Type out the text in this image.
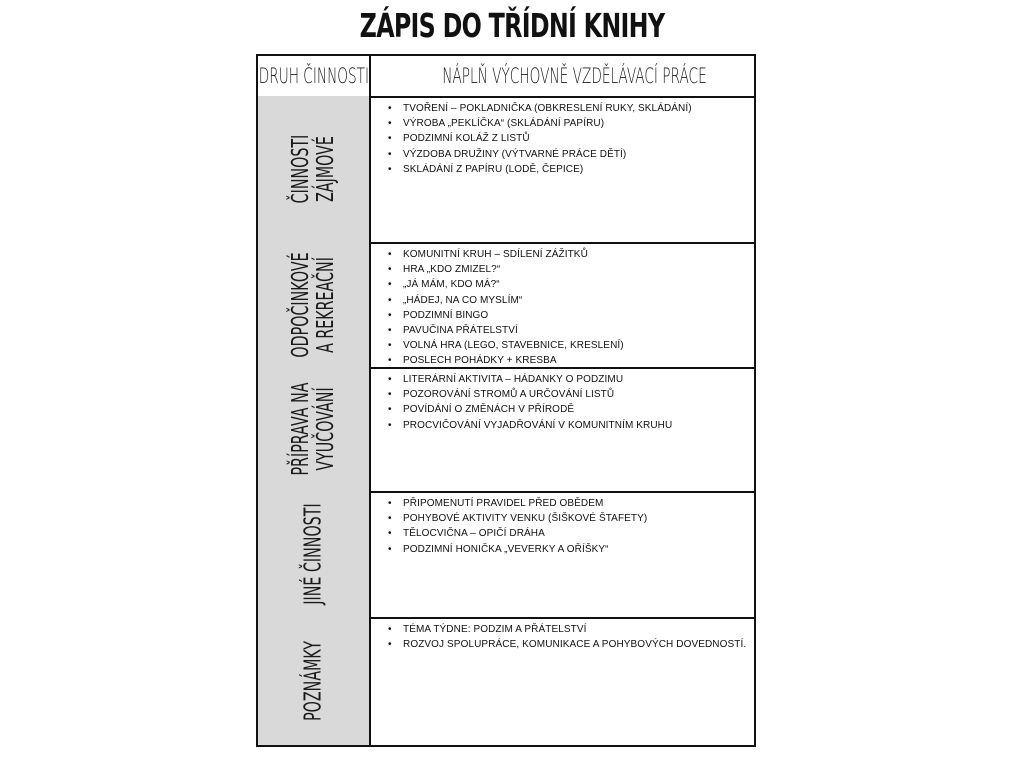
ZÁPIS DO TŘÍDNÍ KNIHY
DRUH ČINNOSTI	NÁPLŇ VÝCHOVNĚ VZDĚLÁVACÍ PRÁCE
ČINNOSTI
ZÁJMOVÉ
• TVOŘENÍ – POKLADNIČKA (OBKRESLENÍ RUKY, SKLÁDÁNÍ)
• VÝROBA „PEKLÍČKA“ (SKLÁDÁNÍ PAPÍRU)
• PODZIMNÍ KOLÁŽ Z LISTŮ
• VÝZDOBA DRUŽINY (VÝTVARNÉ PRÁCE DĚTÍ)
• SKLÁDÁNÍ Z PAPÍRU (LODĚ, ČEPICE)
ODPOČINKOVÉ
A REKREAČNÍ
• KOMUNITNÍ KRUH – SDÍLENÍ ZÁŽITKŮ
• HRA „KDO ZMIZEL?“
• „JÁ MÁM, KDO MÁ?“
• „HÁDEJ, NA CO MYSLÍM“
• PODZIMNÍ BINGO
• PAVUČINA PŘÁTELSTVÍ
• VOLNÁ HRA (LEGO, STAVEBNICE, KRESLENÍ)
• POSLECH POHÁDKY + KRESBA
PŘÍPRAVA NA
VYUČOVÁNÍ
• LITERÁRNÍ AKTIVITA – HÁDANKY O PODZIMU
• POZOROVÁNÍ STROMŮ A URČOVÁNÍ LISTŮ
• POVÍDÁNÍ O ZMĚNÁCH V PŘÍRODĚ
• PROCVIČOVÁNÍ VYJADŘOVÁNÍ V KOMUNITNÍM KRUHU
JINÉ ČINNOSTI
•	PŘIPOMENUTÍ PRAVIDEL PŘED OBĚDEM
• POHYBOVÉ AKTIVITY VENKU (ŠIŠKOVÉ ŠTAFETY)
• TĚLOCVIČNA – OPIČÍ DRÁHA
• PODZIMNÍ HONIČKA „VEVERKY A OŘÍŠKY“
POZNÁMKY
• TÉMA TÝDNE: PODZIM A PŘÁTELSTVÍ
• ROZVOJ SPOLUPRÁCE, KOMUNIKACE A POHYBOVÝCH DOVEDNOSTÍ.
